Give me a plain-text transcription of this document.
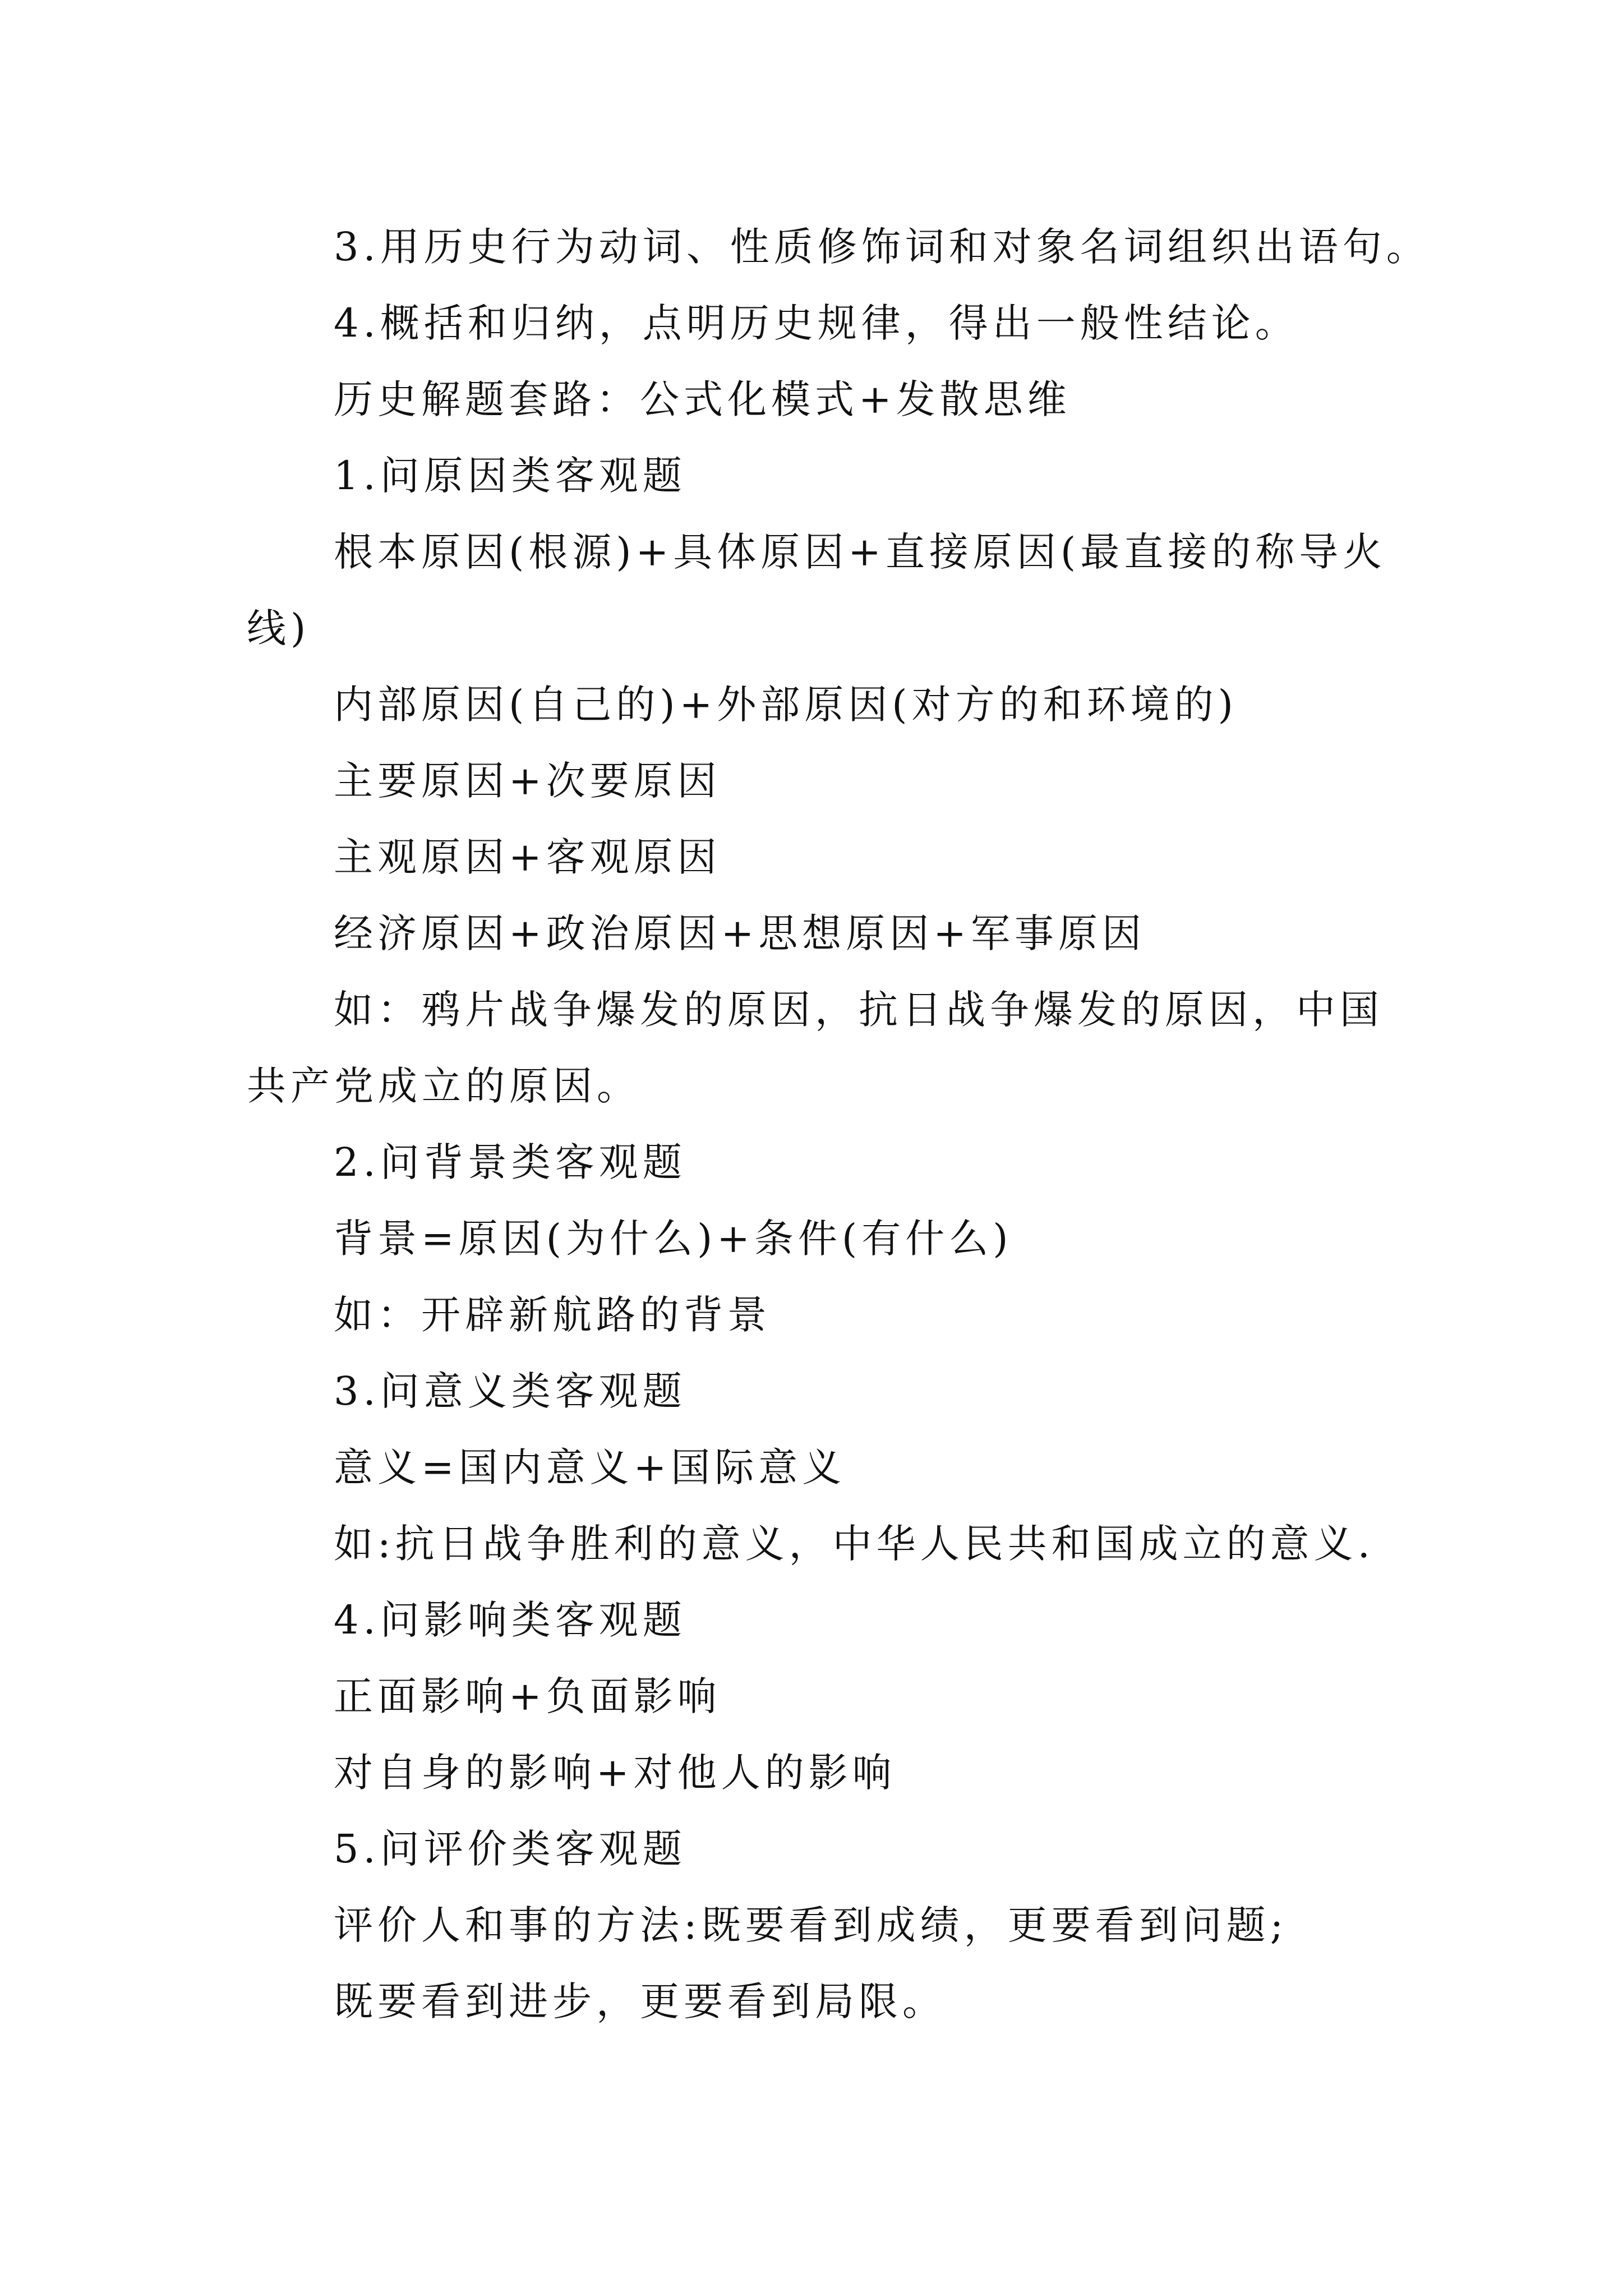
3.用历史行为动词、性质修饰词和对象名词组织出语句。
4.概括和归纳，点明历史规律，得出一般性结论。
历史解题套路：公式化模式+发散思维
1.问原因类客观题
根本原因(根源)+具体原因+直接原因(最直接的称导火
线)
内部原因(自己的)+外部原因(对方的和环境的)
主要原因+次要原因
主观原因+客观原因
经济原因+政治原因+思想原因+军事原因
如：鸦片战争爆发的原因，抗日战争爆发的原因，中国
共产党成立的原因。
2.问背景类客观题
背景=原因(为什么)+条件(有什么)
如：开辟新航路的背景
3.问意义类客观题
意义=国内意义+国际意义
如:抗日战争胜利的意义，中华人民共和国成立的意义.
4.问影响类客观题
正面影响+负面影响
对自身的影响+对他人的影响
5.问评价类客观题
评价人和事的方法:既要看到成绩，更要看到问题;
既要看到进步，更要看到局限。
